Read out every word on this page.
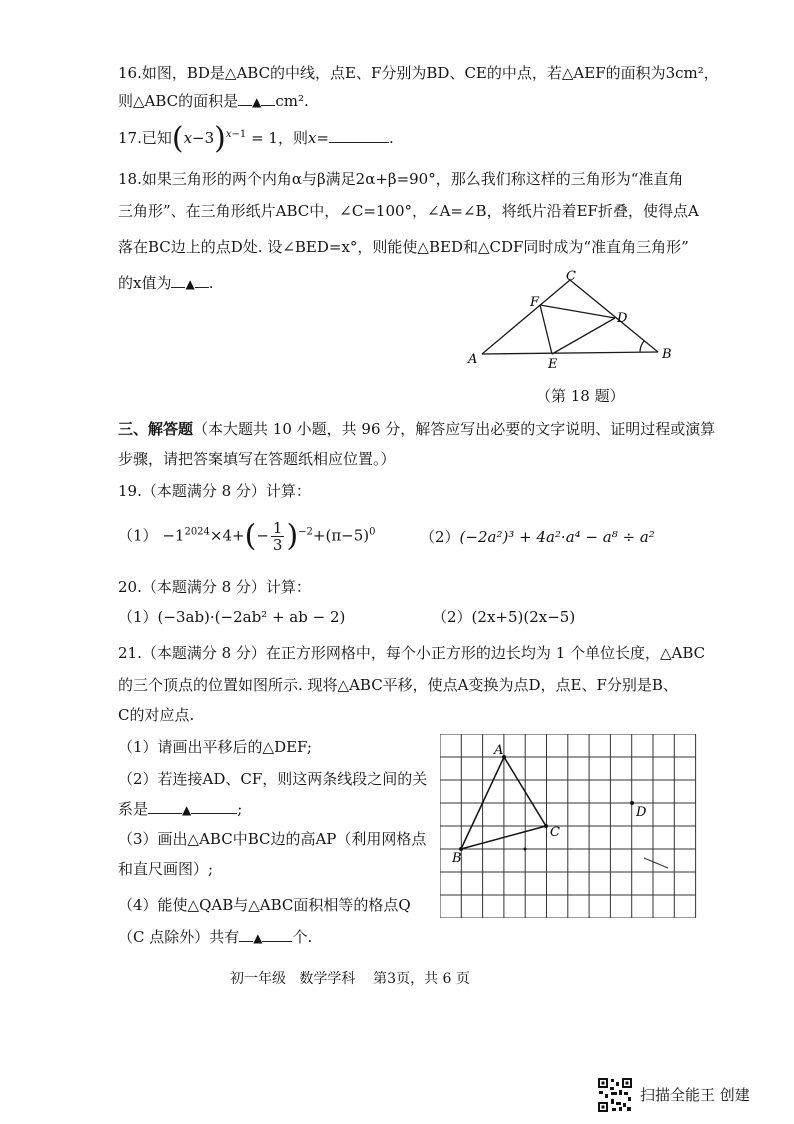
16.如图，BD是△ABC的中线，点E、F分别为BD、CE的中点，若△AEF的面积为3cm²，
则△ABC的面积是 ▲ cm².
17.已知$(x-3)^{x-1} = 1$，则x=	.
18.如果三角形的两个内角α与β满足2α+β=90°，那么我们称这样的三角形为“准直角
三角形”、在三角形纸片ABC中，∠C=100°，∠A=∠B，将纸片沿着EF折叠，使得点A
落在BC边上的点D处. 设∠BED=x°，则能使△BED和△CDF同时成为“准直角三角形”
的x值为 ▲ .	C
F
D
A	E
B
（第 18 题）
三、解答题（本大题共 10 小题，共 96 分，解答应写出必要的文字说明、证明过程或演算
步骤，请把答案填写在答题纸相应位置。）
19.（本题满分 8 分）计算：
$(1) -1^{2024}\times 4+(- \frac{1}{3} )^{-2}+(\pi-5)^0$	（2）(−2a²)³ + 4a²·a⁴ − a⁸ ÷ a²
20.（本题满分 8 分）计算：
（1）(−3ab)·(−2ab² + ab − 2)	（2）(2x+5)(2x−5)
21.（本题满分 8 分）在正方形网格中，每个小正方形的边长均为 1 个单位长度，△ABC
的三个顶点的位置如图所示. 现将△ABC平移，使点A变换为点D，点E、F分别是B、
C的对应点.
（1）请画出平移后的△DEF;
（2）若连接AD、CF，则这两条线段之间的关
系是	▲	;
（3）画出△ABC中BC边的高AP（利用网格点
和直尺画图）;
（4）能使△QAB与△ABC面积相等的格点Q
（C 点除外）共有 ▲ 个.
A
B
C
D
初一年级 数学学科 第3页，共 6 页
扫描全能王 创建
